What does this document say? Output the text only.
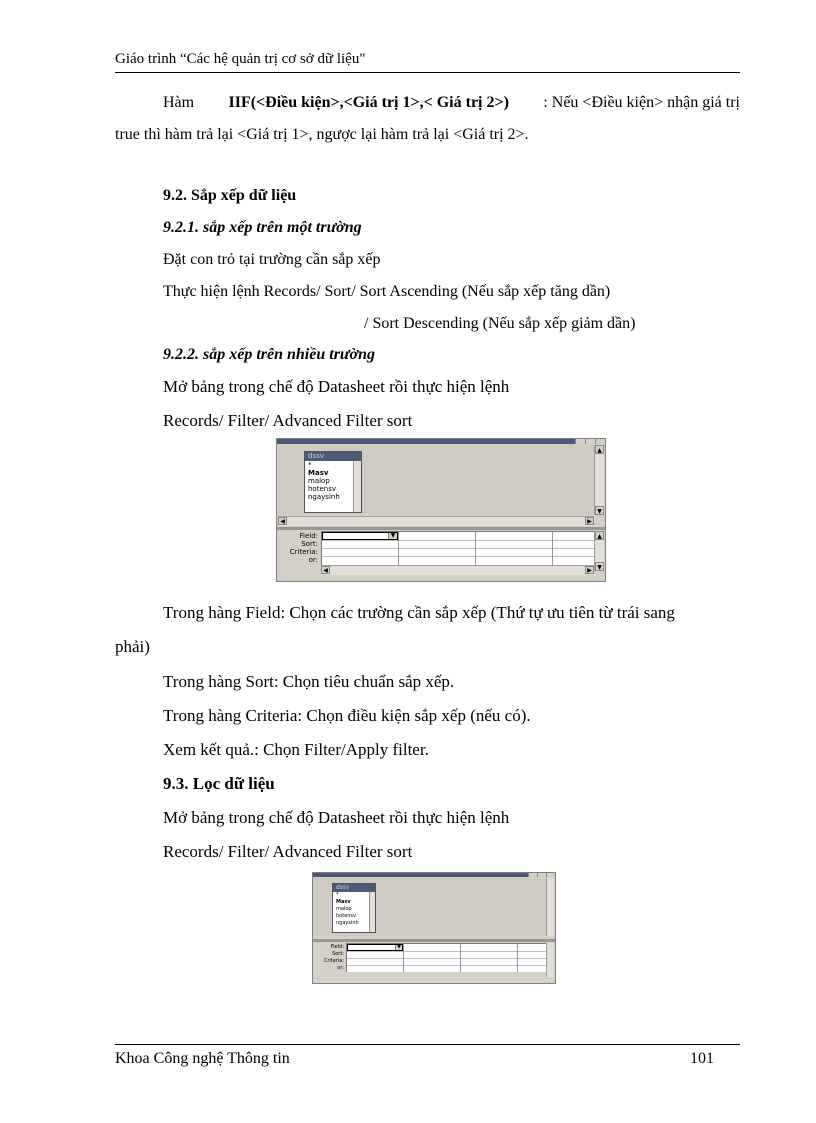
Giáo trình “Các hệ quản trị cơ sở dữ liệu"
Hàm IIF(<Điều kiện>,<Giá trị 1>,< Giá trị 2>) : Nếu <Điều kiện> nhận giá trị
true thì hàm trả lại <Giá trị 1>, ngược lại hàm trả lại <Giá trị 2>.
9.2. Sắp xếp dữ liệu
9.2.1. sắp xếp trên một trường
Đặt con trỏ tại trường cần sắp xếp
Thực hiện lệnh Records/ Sort/ Sort Ascending (Nếu sắp xếp tăng dần)
/ Sort Descending (Nếu sắp xếp giảm dần)
9.2.2. sắp xếp trên nhiều trường
Mở bảng trong chế độ Datasheet rồi thực hiện lệnh
Records/ Filter/ Advanced Filter sort
dssv
*
Masv
malop
hotensv
ngaysinh
▲
▼
◀	▶
Field:
Sort:
Criteria:
or:
▼
◀	▶
▲
▼
Trong hàng Field: Chọn các trường cần sắp xếp (Thứ tự ưu tiên từ trái sang
phải)
Trong hàng Sort: Chọn tiêu chuẩn sắp xếp.
Trong hàng Criteria: Chọn điều kiện sắp xếp (nếu có).
Xem kết quả.: Chọn Filter/Apply filter.
9.3. Lọc dữ liệu
Mở bảng trong chế độ Datasheet rồi thực hiện lệnh
Records/ Filter/ Advanced Filter sort
dssv
*
Masv
malop
hotensv
ngaysinh
Field:
Sort:
Criteria:
or:
▼
Khoa Công nghệ Thông tin	101
